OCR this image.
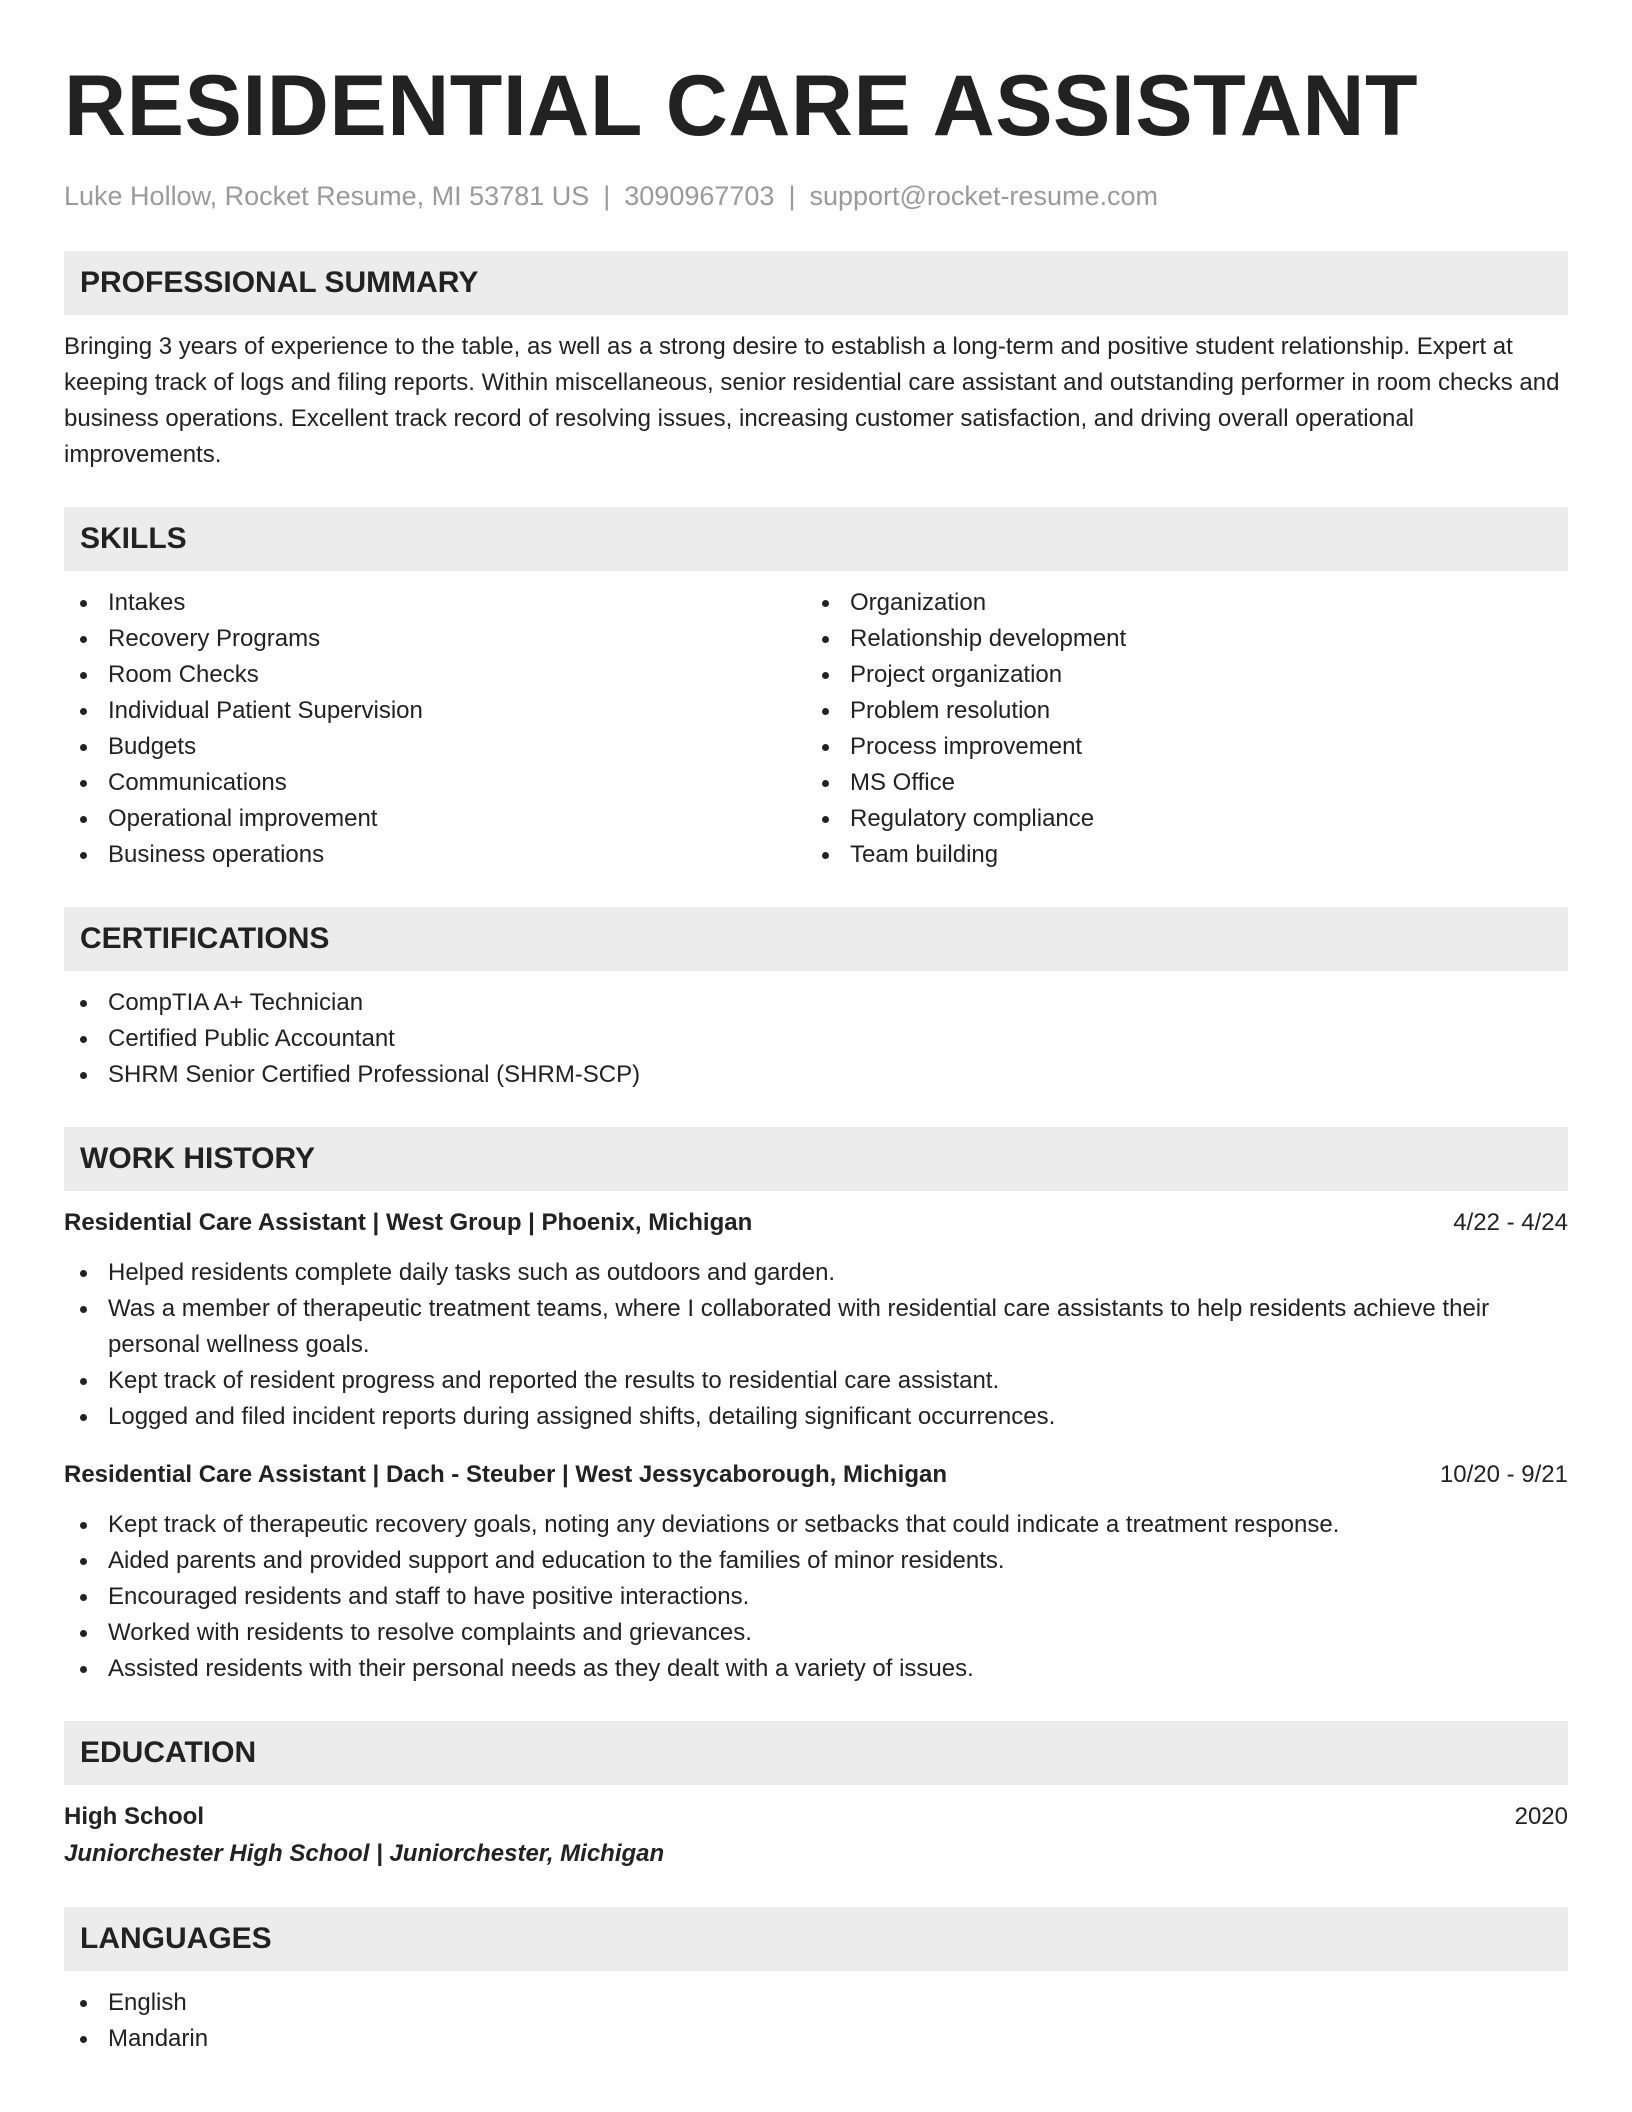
RESIDENTIAL CARE ASSISTANT
Luke Hollow, Rocket Resume, MI 53781 US | 3090967703 | support@rocket-resume.com
PROFESSIONAL SUMMARY

Bringing 3 years of experience to the table, as well as a strong desire to establish a long-term and positive student relationship. Expert at keeping track of logs and filing reports. Within miscellaneous, senior residential care assistant and outstanding performer in room checks and business operations. Excellent track record of resolving issues, increasing customer satisfaction, and driving overall operational improvements.

SKILLS
Intakes
Recovery Programs
Room Checks
Individual Patient Supervision
Budgets
Communications
Operational improvement
Business operations
Organization
Relationship development
Project organization
Problem resolution
Process improvement
MS Office
Regulatory compliance
Team building
CERTIFICATIONS
CompTIA A+ Technician
Certified Public Accountant
SHRM Senior Certified Professional (SHRM-SCP)
WORK HISTORY
Residential Care Assistant | West Group | Phoenix, Michigan	4/22 - 4/24
Helped residents complete daily tasks such as outdoors and garden.
Was a member of therapeutic treatment teams, where I collaborated with residential care assistants to help residents achieve their personal wellness goals.
Kept track of resident progress and reported the results to residential care assistant.
Logged and filed incident reports during assigned shifts, detailing significant occurrences.
Residential Care Assistant | Dach - Steuber | West Jessycaborough, Michigan	10/20 - 9/21
Kept track of therapeutic recovery goals, noting any deviations or setbacks that could indicate a treatment response.
Aided parents and provided support and education to the families of minor residents.
Encouraged residents and staff to have positive interactions.
Worked with residents to resolve complaints and grievances.
Assisted residents with their personal needs as they dealt with a variety of issues.
EDUCATION
High School	2020
Juniorchester High School | Juniorchester, Michigan
LANGUAGES
English
Mandarin
